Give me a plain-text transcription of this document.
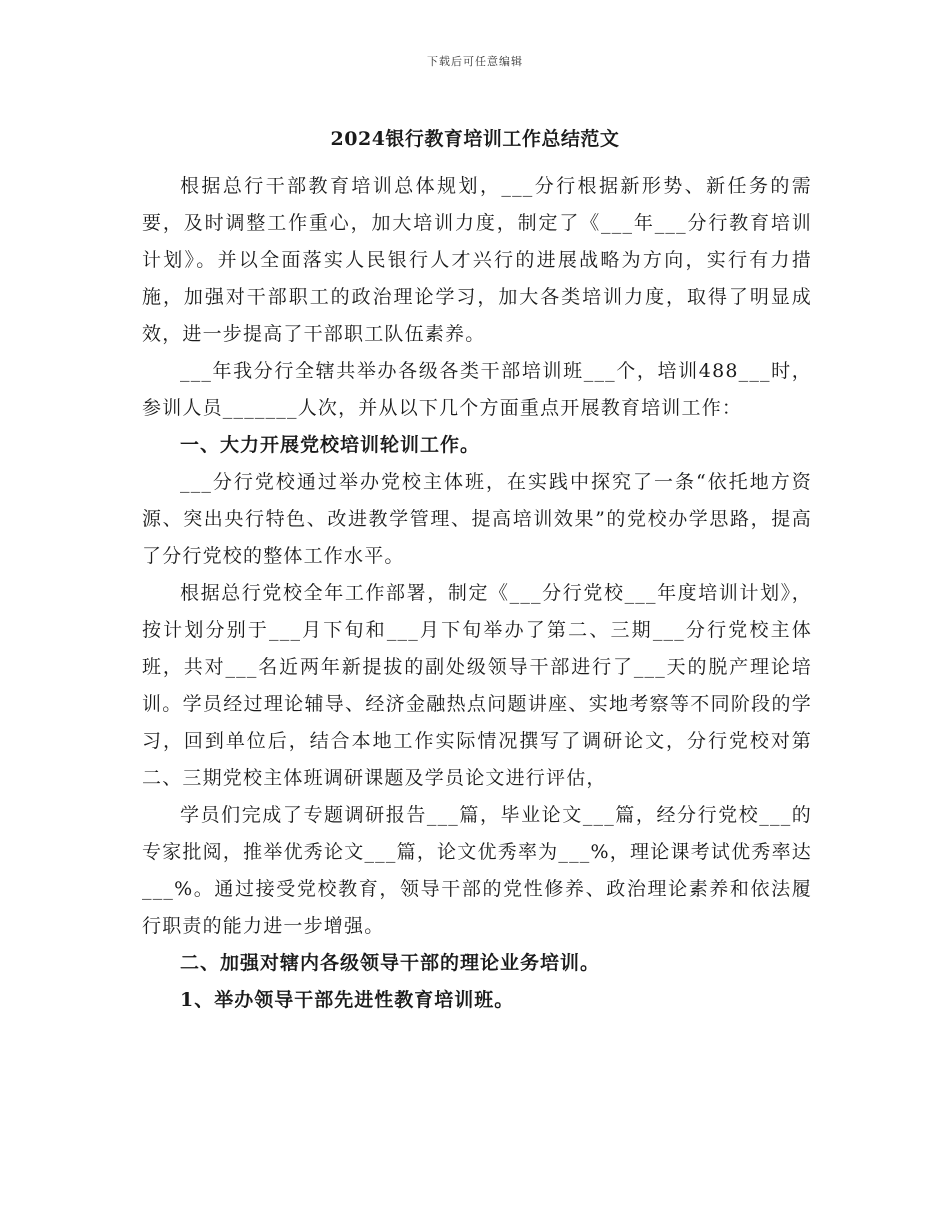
下载后可任意编辑
2024银行教育培训工作总结范文

根据总行干部教育培训总体规划，___分行根据新形势、新任务的需要，及时调整工作重心，加大培训力度，制定了《___年___分行教育培训计划》。并以全面落实人民银行人才兴行的进展战略为方向，实行有力措施，加强对干部职工的政治理论学习，加大各类培训力度，取得了明显成效，进一步提高了干部职工队伍素养。

___年我分行全辖共举办各级各类干部培训班___个，培训488___时，参训人员_______人次，并从以下几个方面重点开展教育培训工作：

一、大力开展党校培训轮训工作。

___分行党校通过举办党校主体班，在实践中探究了一条“依托地方资源、突出央行特色、改进教学管理、提高培训效果”的党校办学思路，提高了分行党校的整体工作水平。

根据总行党校全年工作部署，制定《___分行党校___年度培训计划》，按计划分别于___月下旬和___月下旬举办了第二、三期___分行党校主体班，共对___名近两年新提拔的副处级领导干部进行了___天的脱产理论培训。学员经过理论辅导、经济金融热点问题讲座、实地考察等不同阶段的学习，回到单位后，结合本地工作实际情况撰写了调研论文，分行党校对第二、三期党校主体班调研课题及学员论文进行评估，

学员们完成了专题调研报告___篇，毕业论文___篇，经分行党校___的专家批阅，推举优秀论文___篇，论文优秀率为___%，理论课考试优秀率达___%。通过接受党校教育，领导干部的党性修养、政治理论素养和依法履行职责的能力进一步增强。

二、加强对辖内各级领导干部的理论业务培训。

1、举办领导干部先进性教育培训班。
